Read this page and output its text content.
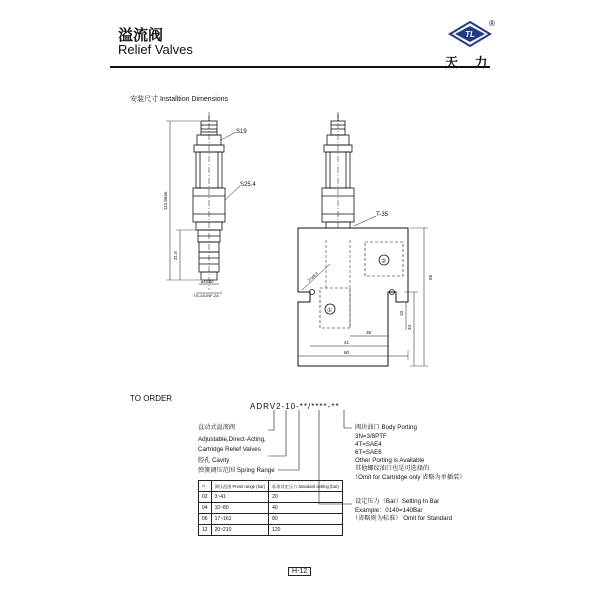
溢流阀
Relief Valves
TL
®
天 力
安装尺寸 Installtion Dimensions
S19
S25.4
112.8mm
31.8
ø15.80
7/8-14UNF-2A
T-35
②
①
2×ø8.3	58
34
10
38
41
60
TO ORDER
ADRV2-10-**/****-**
直动式溢流阀
Adjustable,Direct-Acting,
Cartridge Relief Valves
腔孔 Cavity
弹簧调压范围 Spring Range
阀块油口 Body Porting
3N=3/8PTF
4T=SAE4
6T=SAE6
Other Porting is Available
其他螺纹油口也是可选择的
（Omit for Cartridge only 省略为单插装）
设定压力（Bar）Setting In Bar
Example：0140=140Bar
（省略则为标准） Omit for Standard
**	调压范围 Press range (bar)	标准设定压力 Standard setting (bar)
02	3~41	20
04	10~80	40
06	17~161	80
12	20~210	120
H-12
